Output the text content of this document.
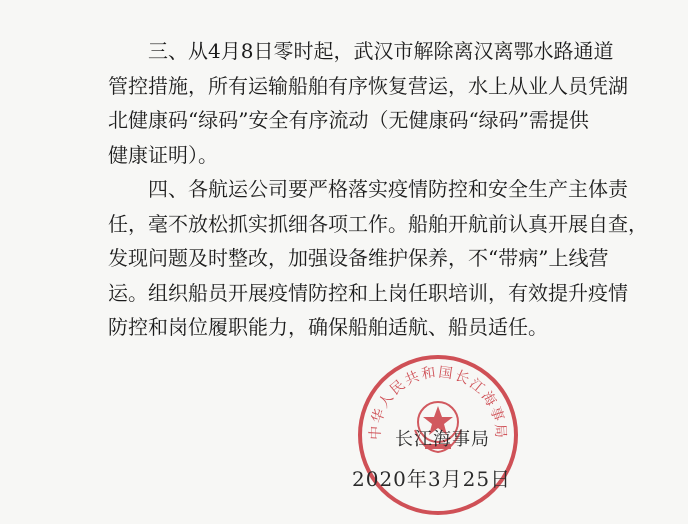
三、从4月8日零时起，武汉市解除离汉离鄂水路通道
管控措施，所有运输船舶有序恢复营运，水上从业人员凭湖
北健康码“绿码”安全有序流动（无健康码“绿码”需提供
健康证明）。

四、各航运公司要严格落实疫情防控和安全生产主体责
任，毫不放松抓实抓细各项工作。船舶开航前认真开展自查，
发现问题及时整改，加强设备维护保养，不“带病”上线营
运。组织船员开展疫情防控和上岗任职培训，有效提升疫情
防控和岗位履职能力，确保船舶适航、船员适任。

中华人民共和国长江海事局
长江海事局
2020年3月25日
